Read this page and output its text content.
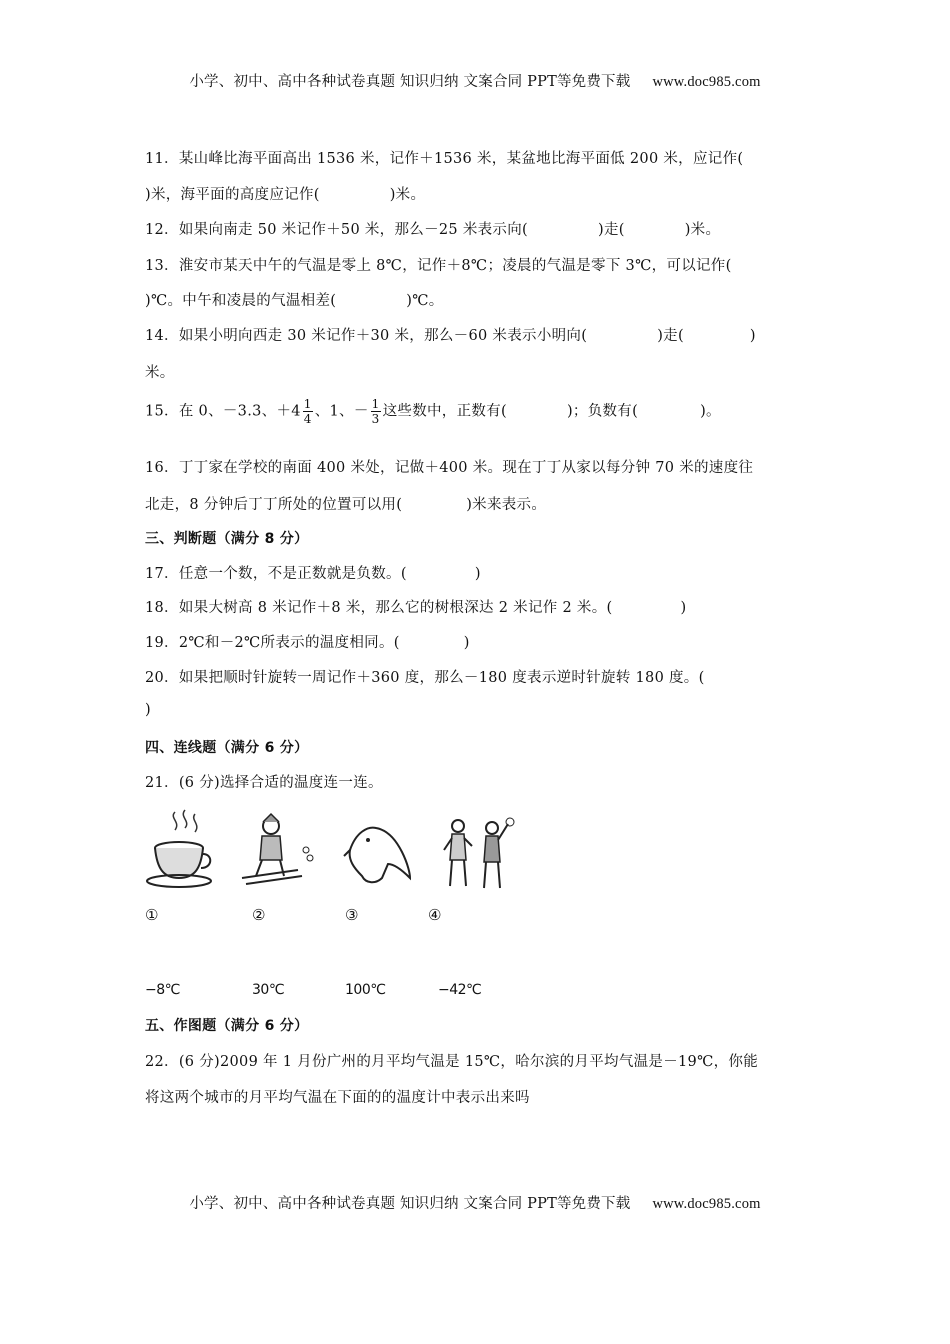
小学、初中、高中各种试卷真题 知识归纳 文案合同 PPT等免费下载 www.doc985.com
11．某山峰比海平面高出 1536 米，记作＋1536 米，某盆地比海平面低 200 米，应记作(
)米，海平面的高度应记作(	)米。
12．如果向南走 50 米记作＋50 米，那么－25 米表示向(	)走(	)米。
13．淮安市某天中午的气温是零上 8℃，记作＋8℃；凌晨的气温是零下 3℃，可以记作(
)℃。中午和凌晨的气温相差(	)℃。
14．如果小明向西走 30 米记作＋30 米，那么－60 米表示小明向(	)走(	)
米。
15．在 0、－3.3、$+4 \frac{1}{4}$ 、1、－ $\frac{1}{3}$ 这些数中，正数有(	)；负数有(	)。
16．丁丁家在学校的南面 400 米处，记做＋400 米。现在丁丁从家以每分钟 70 米的速度往
北走，8 分钟后丁丁所处的位置可以用(	)米来表示。
三、判断题（满分 8 分）
17．任意一个数，不是正数就是负数。(	)
18．如果大树高 8 米记作＋8 米，那么它的树根深达 2 米记作 2 米。(	)
19．2℃和－2℃所表示的温度相同。(	)
20．如果把顺时针旋转一周记作＋360 度，那么－180 度表示逆时针旋转 180 度。(
)
四、连线题（满分 6 分）
21．(6 分)选择合适的温度连一连。
①	②	③	④
−8℃	30℃	100℃	−42℃
五、作图题（满分 6 分）
22．(6 分)2009 年 1 月份广州的月平均气温是 15℃，哈尔滨的月平均气温是－19℃，你能
将这两个城市的月平均气温在下面的的温度计中表示出来吗
小学、初中、高中各种试卷真题 知识归纳 文案合同 PPT等免费下载 www.doc985.com
